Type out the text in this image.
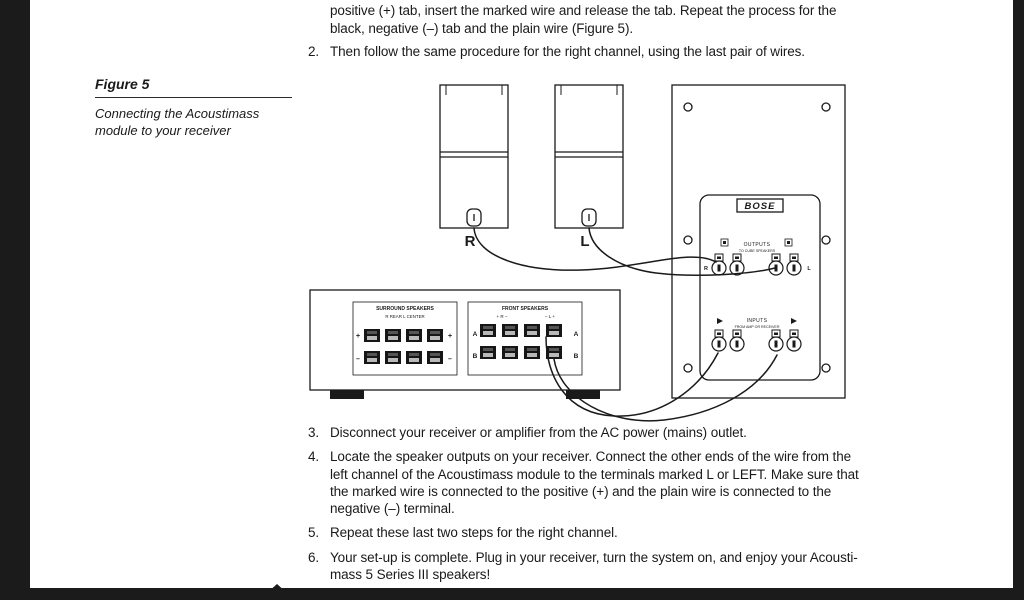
positive (+) tab, insert the marked wire and release the tab. Repeat the process for the
black, negative (–) tab and the plain wire (Figure 5).
2. Then follow the same procedure for the right channel, using the last pair of wires.
Figure 5
Connecting the Acoustimass
module to your receiver
R	L
BOSE
OUTPUTS
TO CUBE SPEAKERS
R	L
INPUTS
FROM AMP OR RECEIVER
SURROUND SPEAKERS
R REAR L CENTER
+	+
–	–
FRONT SPEAKERS
+ R –	– L +
A	A
B	B
3. Disconnect your receiver or amplifier from the AC power (mains) outlet.
4. Locate the speaker outputs on your receiver. Connect the other ends of the wire from the
left channel of the Acoustimass module to the terminals marked L or LEFT. Make sure that
the marked wire is connected to the positive (+) and the plain wire is connected to the
negative (–) terminal.
5. Repeat these last two steps for the right channel.
6. Your set-up is complete. Plug in your receiver, turn the system on, and enjoy your Acousti-
mass 5 Series III speakers!
